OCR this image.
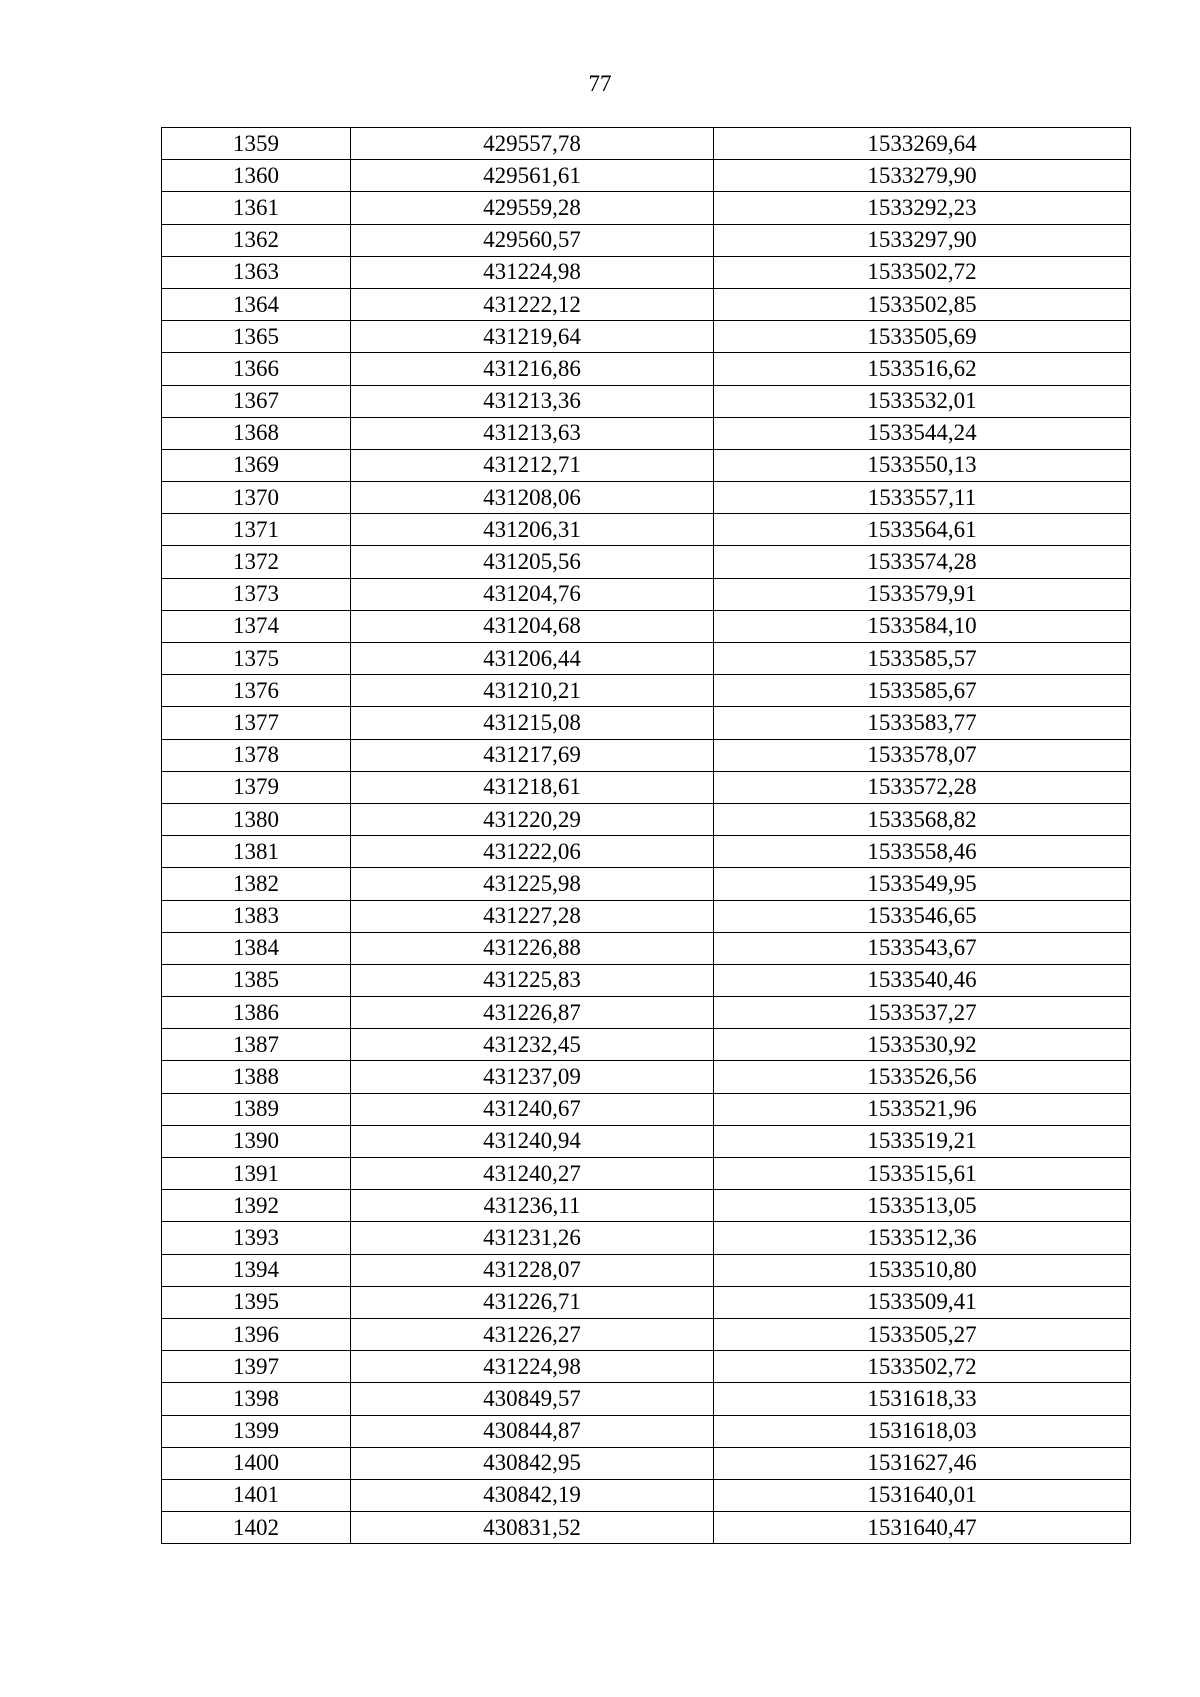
77
1359	429557,78	1533269,64
1360	429561,61	1533279,90
1361	429559,28	1533292,23
1362	429560,57	1533297,90
1363	431224,98	1533502,72
1364	431222,12	1533502,85
1365	431219,64	1533505,69
1366	431216,86	1533516,62
1367	431213,36	1533532,01
1368	431213,63	1533544,24
1369	431212,71	1533550,13
1370	431208,06	1533557,11
1371	431206,31	1533564,61
1372	431205,56	1533574,28
1373	431204,76	1533579,91
1374	431204,68	1533584,10
1375	431206,44	1533585,57
1376	431210,21	1533585,67
1377	431215,08	1533583,77
1378	431217,69	1533578,07
1379	431218,61	1533572,28
1380	431220,29	1533568,82
1381	431222,06	1533558,46
1382	431225,98	1533549,95
1383	431227,28	1533546,65
1384	431226,88	1533543,67
1385	431225,83	1533540,46
1386	431226,87	1533537,27
1387	431232,45	1533530,92
1388	431237,09	1533526,56
1389	431240,67	1533521,96
1390	431240,94	1533519,21
1391	431240,27	1533515,61
1392	431236,11	1533513,05
1393	431231,26	1533512,36
1394	431228,07	1533510,80
1395	431226,71	1533509,41
1396	431226,27	1533505,27
1397	431224,98	1533502,72
1398	430849,57	1531618,33
1399	430844,87	1531618,03
1400	430842,95	1531627,46
1401	430842,19	1531640,01
1402	430831,52	1531640,47
